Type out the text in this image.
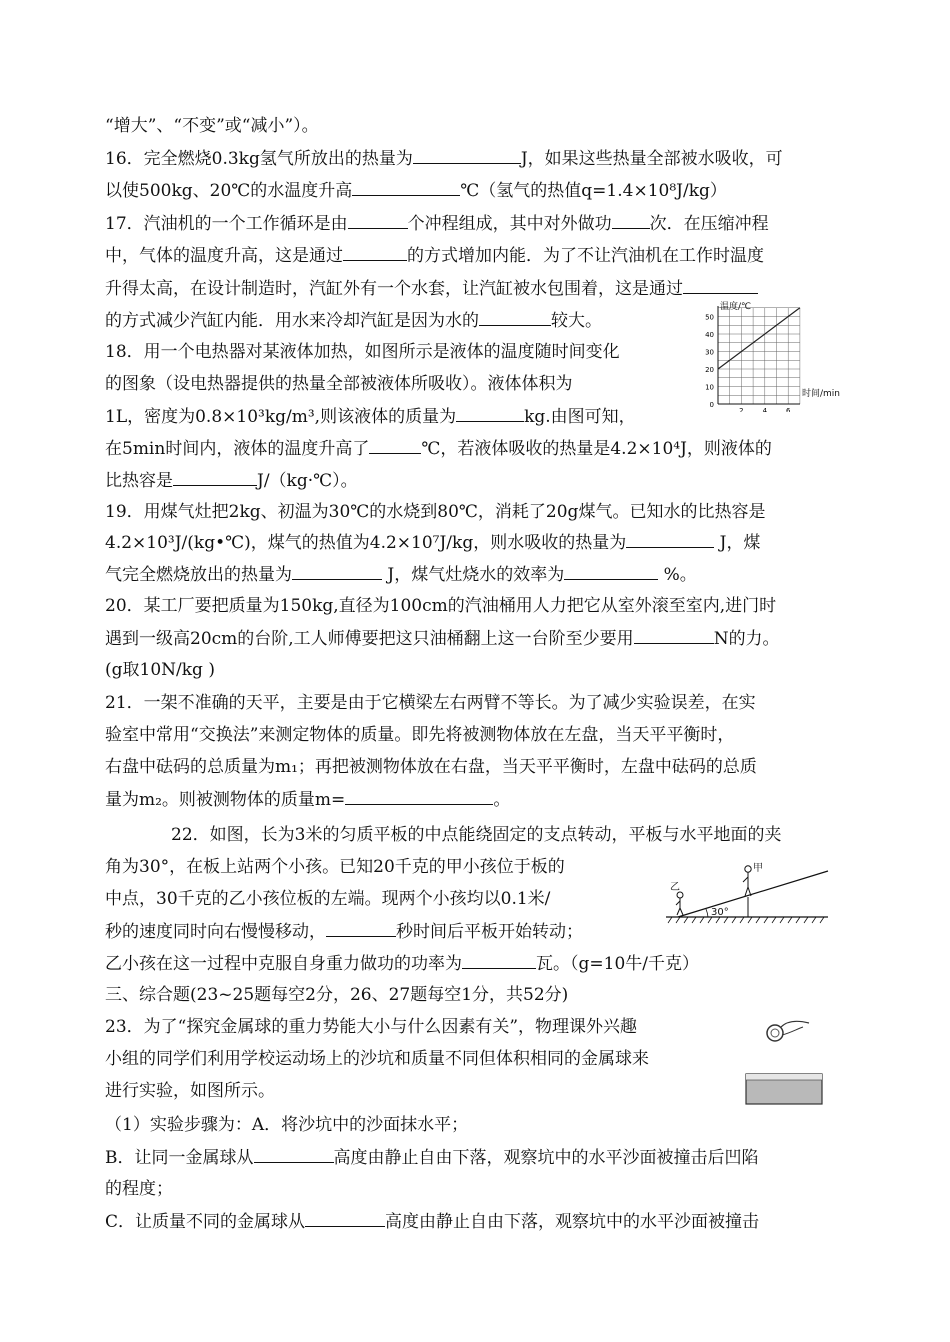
“增大”、“不变”或“减小”）。
16．完全燃烧0.3kg氢气所放出的热量为	J，如果这些热量全部被水吸收，可
以使500kg、20℃的水温度升高	℃（氢气的热值q=1.4×10⁸J/kg）
17．汽油机的一个工作循环是由	个冲程组成，其中对外做功 次．在压缩冲程
中，气体的温度升高，这是通过	的方式增加内能．为了不让汽油机在工作时温度
升得太高，在设计制造时，汽缸外有一个水套，让汽缸被水包围着，这是通过
的方式减少汽缸内能．用水来冷却汽缸是因为水的	较大。
18．用一个电热器对某液体加热，如图所示是液体的温度随时间变化
的图象（设电热器提供的热量全部被液体所吸收）。液体体积为
1L，密度为0.8×10³kg/m³,则该液体的质量为	kg.由图可知，
在5min时间内，液体的温度升高了	℃，若液体吸收的热量是4.2×10⁴J，则液体的
比热容是	J/（kg·℃）。
19．用煤气灶把2kg、初温为30℃的水烧到80℃，消耗了20g煤气。已知水的比热容是
4.2×10³J/(kg•℃)，煤气的热值为4.2×10⁷J/kg，则水吸收的热量为	J，煤
气完全燃烧放出的热量为	J，煤气灶烧水的效率为	%。
20．某工厂要把质量为150kg,直径为100cm的汽油桶用人力把它从室外滚至室内,进门时
遇到一级高20cm的台阶,工人师傅要把这只油桶翻上这一台阶至少要用	N的力。
(g取10N/kg )
21．一架不准确的天平，主要是由于它横梁左右两臂不等长。为了减少实验误差，在实
验室中常用“交换法”来测定物体的质量。即先将被测物体放在左盘，当天平平衡时，
右盘中砝码的总质量为m₁；再把被测物体放在右盘，当天平平衡时，左盘中砝码的总质
量为m₂。则被测物体的质量m=	。
22．如图，长为3米的匀质平板的中点能绕固定的支点转动，平板与水平地面的夹
角为30°，在板上站两个小孩。已知20千克的甲小孩位于板的
中点，30千克的乙小孩位板的左端。现两个小孩均以0.1米/
秒的速度同时向右慢慢移动，	秒时间后平板开始转动；
乙小孩在这一过程中克服自身重力做功的功率为	瓦。（g=10牛/千克）
三、综合题(23~25题每空2分，26、27题每空1分，共52分)
23．为了“探究金属球的重力势能大小与什么因素有关”，物理课外兴趣
小组的同学们利用学校运动场上的沙坑和质量不同但体积相同的金属球来
进行实验，如图所示。
（1）实验步骤为：A．将沙坑中的沙面抹水平；
B．让同一金属球从	高度由静止自由下落，观察坑中的水平沙面被撞击后凹陷
的程度；
C．让质量不同的金属球从	高度由静止自由下落，观察坑中的水平沙面被撞击
温度/℃
时间/min
50
40
30
20
10
0
2	4	6
30°
乙
甲
